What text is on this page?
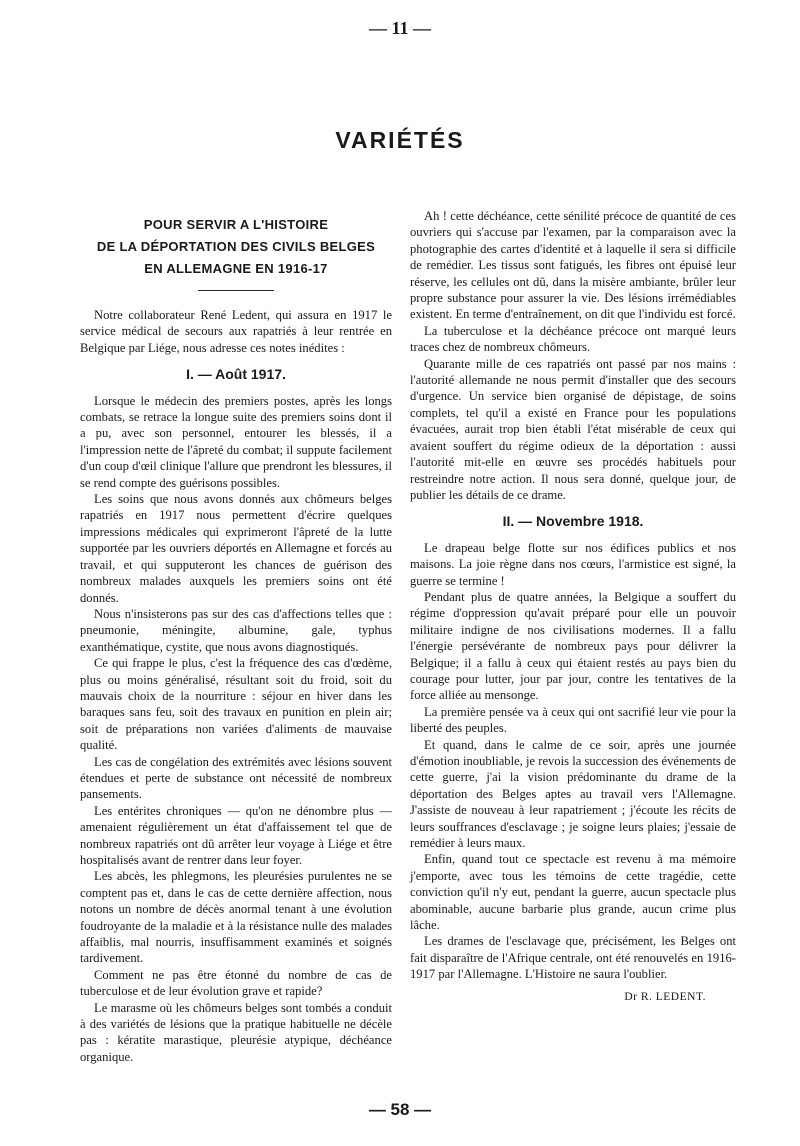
— 11 —
VARIÉTÉS
POUR SERVIR A L'HISTOIRE
DE LA DÉPORTATION DES CIVILS BELGES
EN ALLEMAGNE EN 1916-17

Notre collaborateur René Ledent, qui assura en 1917 le service médical de secours aux rapatriés à leur rentrée en Belgique par Liége, nous adresse ces notes inédites :

I. — Août 1917.

Lorsque le médecin des premiers postes, après les longs combats, se retrace la longue suite des premiers soins dont il a pu, avec son personnel, entourer les blessés, il a l'impression nette de l'âpreté du combat; il suppute facilement d'un coup d'œil clinique l'allure que prendront les blessures, il se rend compte des guérisons possibles.

Les soins que nous avons donnés aux chômeurs belges rapatriés en 1917 nous permettent d'écrire quelques impressions médicales qui exprimeront l'âpreté de la lutte supportée par les ouvriers déportés en Allemagne et forcés au travail, et qui supputeront les chances de guérison des nombreux malades auxquels les premiers soins ont été donnés.

Nous n'insisterons pas sur des cas d'affections telles que : pneumonie, méningite, albumine, gale, typhus exanthématique, cystite, que nous avons diagnostiqués.

Ce qui frappe le plus, c'est la fréquence des cas d'œdème, plus ou moins généralisé, résultant soit du froid, soit du mauvais choix de la nourriture : séjour en hiver dans les baraques sans feu, soit des travaux en punition en plein air; soit de préparations non variées d'aliments de mauvaise qualité.

Les cas de congélation des extrémités avec lésions souvent étendues et perte de substance ont nécessité de nombreux pansements.

Les entérites chroniques — qu'on ne dénombre plus — amenaient régulièrement un état d'affaissement tel que de nombreux rapatriés ont dû arrêter leur voyage à Liége et être hospitalisés avant de rentrer dans leur foyer.

Les abcès, les phlegmons, les pleurésies purulentes ne se comptent pas et, dans le cas de cette dernière affection, nous notons un nombre de décès anormal tenant à une évolution foudroyante de la maladie et à la résistance nulle des malades affaiblis, mal nourris, insuffisamment examinés et soignés tardivement.

Comment ne pas être étonné du nombre de cas de tuberculose et de leur évolution grave et rapide?

Le marasme où les chômeurs belges sont tombés a conduit à des variétés de lésions que la pratique habituelle ne décèle pas : kératite marastique, pleurésie atypique, déchéance organique.

Ah ! cette déchéance, cette sénilité précoce de quantité de ces ouvriers qui s'accuse par l'examen, par la comparaison avec la photographie des cartes d'identité et à laquelle il sera si difficile de remédier. Les tissus sont fatigués, les fibres ont épuisé leur réserve, les cellules ont dû, dans la misère ambiante, brûler leur propre substance pour assurer la vie. Des lésions irrémédiables existent. En terme d'entraînement, on dit que l'individu est forcé.

La tuberculose et la déchéance précoce ont marqué leurs traces chez de nombreux chômeurs.

Quarante mille de ces rapatriés ont passé par nos mains : l'autorité allemande ne nous permit d'installer que des secours d'urgence. Un service bien organisé de dépistage, de soins complets, tel qu'il a existé en France pour les populations évacuées, aurait trop bien établi l'état misérable de ceux qui avaient souffert du régime odieux de la déportation : aussi l'autorité mit-elle en œuvre ses procédés habituels pour restreindre notre action. Il nous sera donné, quelque jour, de publier les détails de ce drame.

II. — Novembre 1918.

Le drapeau belge flotte sur nos édifices publics et nos maisons. La joie règne dans nos cœurs, l'armistice est signé, la guerre se termine !

Pendant plus de quatre années, la Belgique a souffert du régime d'oppression qu'avait préparé pour elle un pouvoir militaire indigne de nos civilisations modernes. Il a fallu l'énergie persévérante de nombreux pays pour délivrer la Belgique; il a fallu à ceux qui étaient restés au pays bien du courage pour lutter, jour par jour, contre les tentatives de la force alliée au mensonge.

La première pensée va à ceux qui ont sacrifié leur vie pour la liberté des peuples.

Et quand, dans le calme de ce soir, après une journée d'émotion inoubliable, je revois la succession des événements de cette guerre, j'ai la vision prédominante du drame de la déportation des Belges aptes au travail vers l'Allemagne. J'assiste de nouveau à leur rapatriement ; j'écoute les récits de leurs souffrances d'esclavage ; je soigne leurs plaies; j'essaie de remédier à leurs maux.

Enfin, quand tout ce spectacle est revenu à ma mémoire j'emporte, avec tous les témoins de cette tragédie, cette conviction qu'il n'y eut, pendant la guerre, aucun spectacle plus abominable, aucune barbarie plus grande, aucun crime plus lâche.

Les drames de l'esclavage que, précisément, les Belges ont fait disparaître de l'Afrique centrale, ont été renouvelés en 1916-1917 par l'Allemagne. L'Histoire ne saura l'oublier.

Dr R. LEDENT.
— 58 —
